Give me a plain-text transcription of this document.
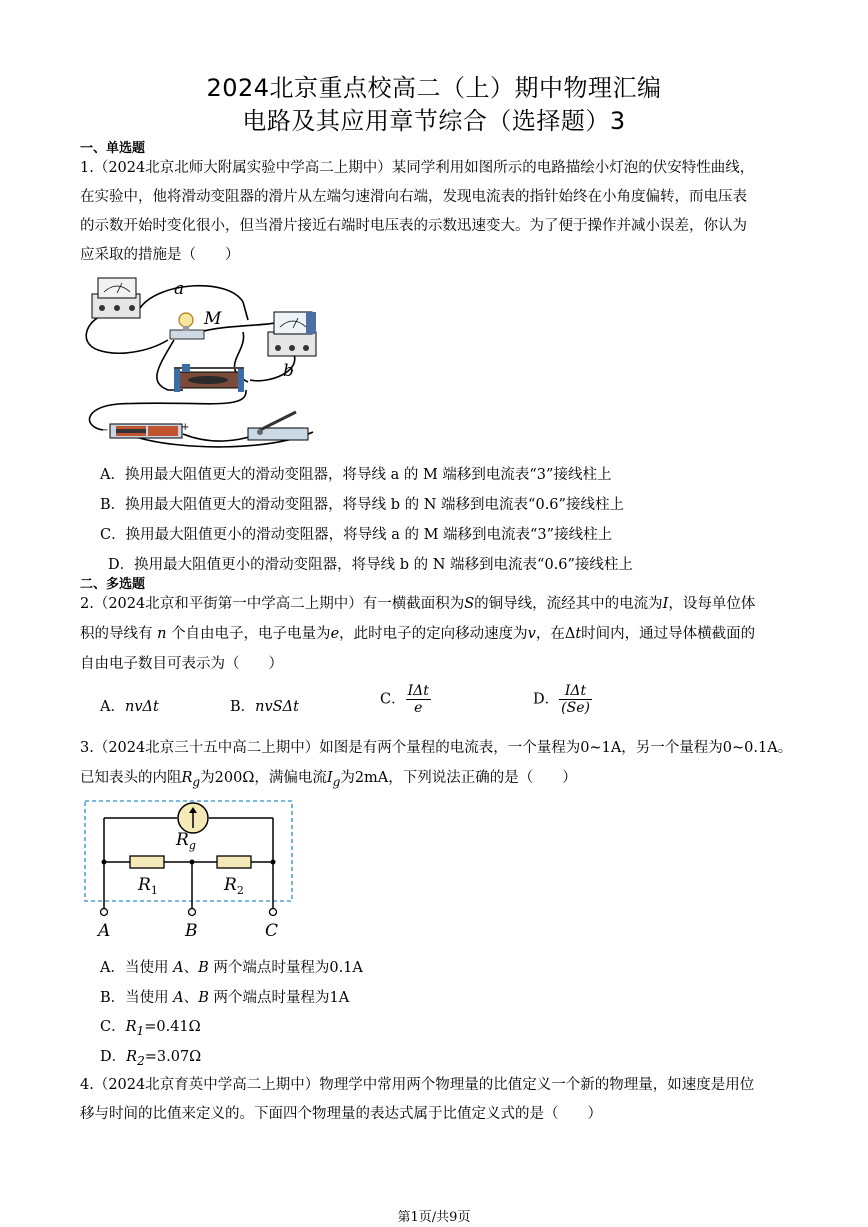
2024北京重点校高二（上）期中物理汇编
电路及其应用章节综合（选择题）3
一、单选题
1.（2024北京北师大附属实验中学高二上期中）某同学利用如图所示的电路描绘小灯泡的伏安特性曲线，
在实验中，他将滑动变阻器的滑片从左端匀速滑向右端，发现电流表的指针始终在小角度偏转，而电压表
的示数开始时变化很小，但当滑片接近右端时电压表的示数迅速变大。为了便于操作并减小误差，你认为
应采取的措施是（　　）
a
M
b
−	+
A．换用最大阻值更大的滑动变阻器，将导线 a 的 M 端移到电流表“3”接线柱上
B．换用最大阻值更大的滑动变阻器，将导线 b 的 N 端移到电流表“0.6”接线柱上
C．换用最大阻值更小的滑动变阻器，将导线 a 的 M 端移到电流表“3”接线柱上
D．换用最大阻值更小的滑动变阻器，将导线 b 的 N 端移到电流表“0.6”接线柱上
二、多选题
2.（2024北京和平街第一中学高二上期中）有一横截面积为S的铜导线，流经其中的电流为I，设每单位体
积的导线有 n 个自由电子，电子电量为e，此时电子的定向移动速度为v，在Δt时间内，通过导体横截面的
自由电子数目可表示为（　　）
A．nvΔt	B．nvSΔt	C． $\frac{\text{IΔt}}{e}$	D． $\frac{\text{IΔt}}{(Se)}$
3.（2024北京三十五中高二上期中）如图是有两个量程的电流表，一个量程为0~1A，另一个量程为0~0.1A。
已知表头的内阻$R_g$为200Ω，满偏电流$I_g$为2mA，下列说法正确的是（　　）
$R_g$
$R_1$	$R_2$
A	B	C
A．当使用 A、B 两个端点时量程为0.1A
B．当使用 A、B 两个端点时量程为1A
C．$R_1=0.41\Omega$
D．$R_2=3.07\Omega$
4.（2024北京育英中学高二上期中）物理学中常用两个物理量的比值定义一个新的物理量，如速度是用位
移与时间的比值来定义的。下面四个物理量的表达式属于比值定义式的是（　　）
第1页/共9页
